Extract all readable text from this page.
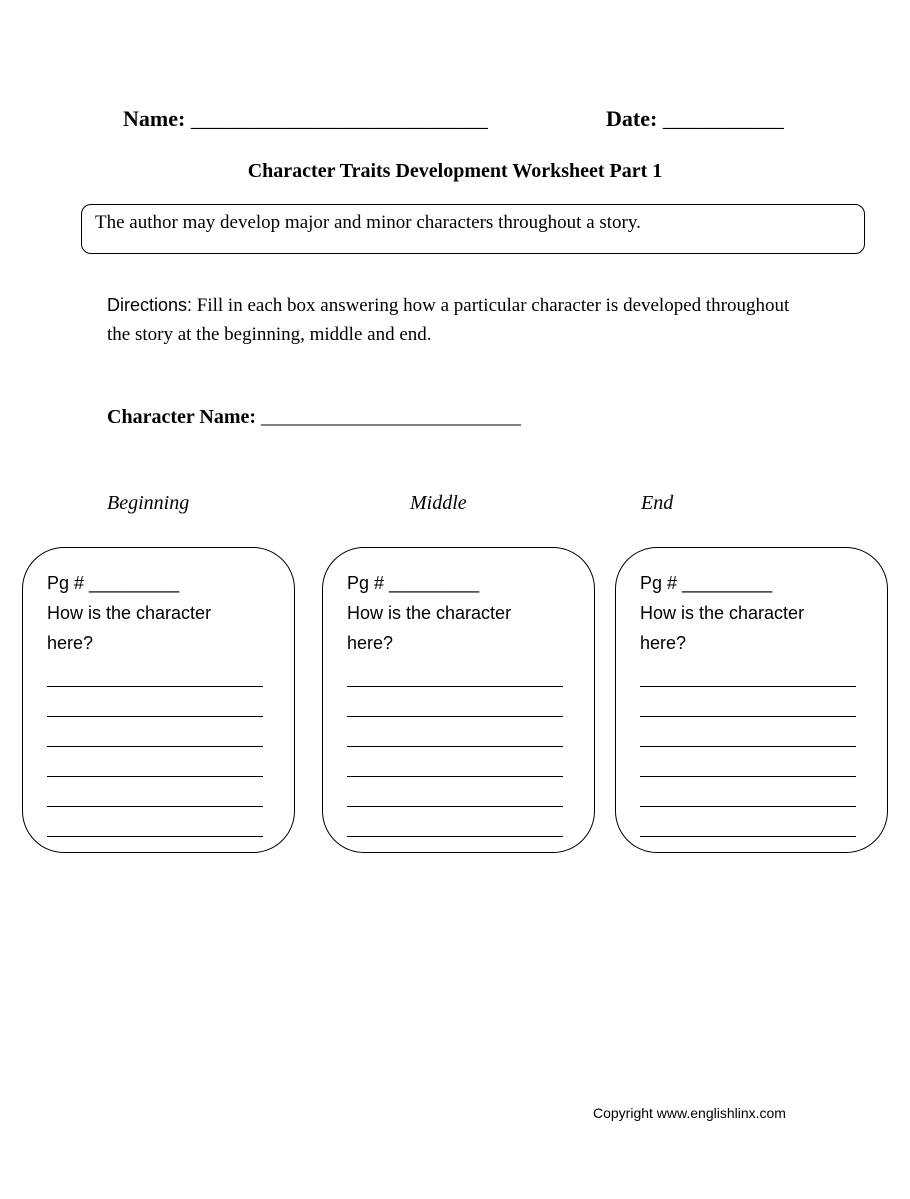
Name: ___________________________	Date: ___________
Character Traits Development Worksheet Part 1
The author may develop major and minor characters throughout a story.
Directions: Fill in each box answering how a particular character is developed throughout the story at the beginning, middle and end.
Character Name: __________________________
Beginning	Middle	End
Pg # _________
How is the character
here?
Pg # _________
How is the character
here?
Pg # _________
How is the character
here?
Copyright www.englishlinx.com
